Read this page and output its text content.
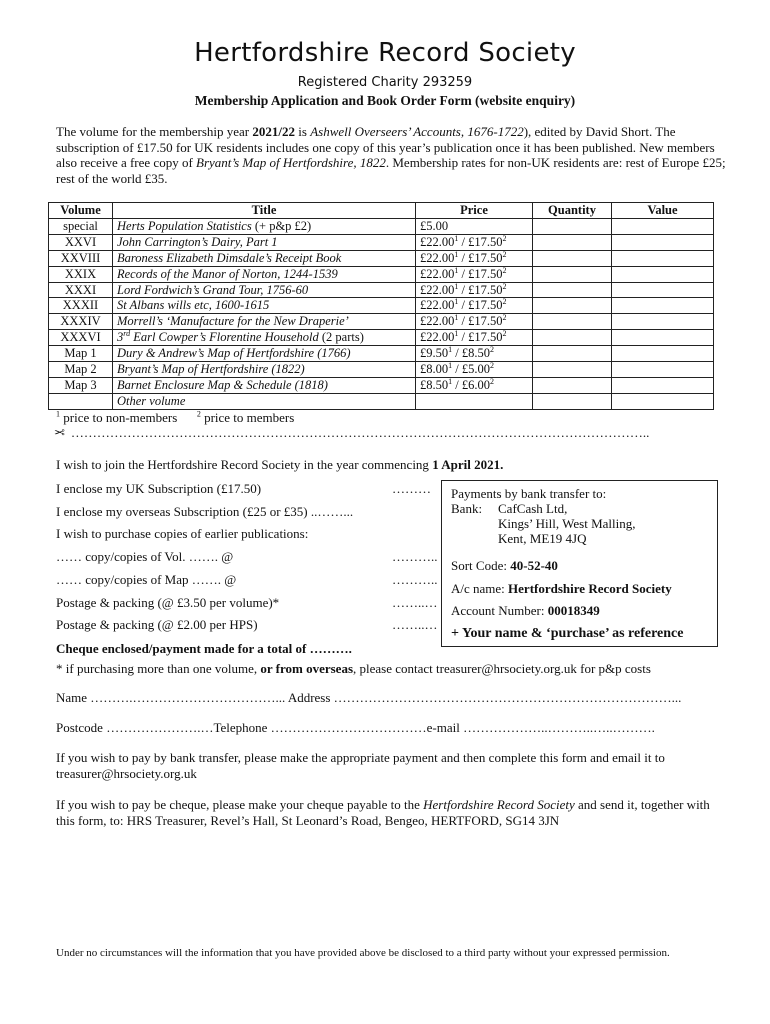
Hertfordshire Record Society
Registered Charity 293259
Membership Application and Book Order Form (website enquiry)
The volume for the membership year 2021/22 is Ashwell Overseers’ Accounts, 1676-1722), edited by David Short. The subscription of £17.50 for UK residents includes one copy of this year’s publication once it has been published. New members also receive a free copy of Bryant’s Map of Hertfordshire, 1822. Membership rates for non-UK residents are: rest of Europe £25; rest of the world £35.
Volume	Title	Price	Quantity	Value
special	Herts Population Statistics (+ p&p £2)	£5.00		
XXVI	John Carrington’s Dairy, Part 1	£22.00$^1$ / £17.50$^2$		
XXVIII	Baroness Elizabeth Dimsdale’s Receipt Book	£22.00$^1$ / £17.50$^2$		
XXIX	Records of the Manor of Norton, 1244-1539	£22.00$^1$ / £17.50$^2$		
XXXI	Lord Fordwich’s Grand Tour, 1756-60	£22.00$^1$ / £17.50$^2$		
XXXII	St Albans wills etc, 1600-1615	£22.00$^1$ / £17.50$^2$		
XXXIV	Morrell’s ‘Manufacture for the New Draperie’	£22.00$^1$ / £17.50$^2$		
XXXVI	3rd Earl Cowper’s Florentine Household (2 parts)	£22.00$^1$ / £17.50$^2$		
Map 1	Dury & Andrew’s Map of Hertfordshire (1766)	£9.50$^1$ / £8.50$^2$		
Map 2	Bryant’s Map of Hertfordshire (1822)	£8.00$^1$ / £5.00$^2$		
Map 3	Barnet Enclosure Map & Schedule (1818)	£8.50$^1$ / £6.00$^2$		
	Other volume			
$^1$ price to non-members $^2$ price to members
✂ ……………………………………………………………………………………………………………………..
I wish to join the Hertfordshire Record Society in the year commencing 1 April 2021.
I enclose my UK Subscription (£17.50)	………
I enclose my overseas Subscription (£25 or £35) ..……...
I wish to purchase copies of earlier publications:
…… copy/copies of Vol. ……. @	………..
…… copy/copies of Map ……. @	………..
Postage & packing (@ £3.50 per volume)*	……..…
Postage & packing (@ £2.00 per HPS)	……..…
Cheque enclosed/payment made for a total of ……….
Payments by bank transfer to:
Bank: CafCash Ltd,
Kings’ Hill, West Malling,
Kent, ME19 4JQ
Sort Code: 40-52-40
A/c name: Hertfordshire Record Society
Account Number: 00018349
+ Your name & ‘purchase’ as reference
* if purchasing more than one volume, or from overseas, please contact treasurer@hrsociety.org.uk for p&p costs
Name ……….……………………………... Address ……………………………………………………………………...
Postcode ………………….…Telephone ………………………………e-mail ………………..………..…..……….
If you wish to pay by bank transfer, please make the appropriate payment and then complete this form and email it to treasurer@hrsociety.org.uk
If you wish to pay be cheque, please make your cheque payable to the Hertfordshire Record Society and send it, together with this form, to: HRS Treasurer, Revel’s Hall, St Leonard’s Road, Bengeo, HERTFORD, SG14 3JN
Under no circumstances will the information that you have provided above be disclosed to a third party without your expressed permission.
